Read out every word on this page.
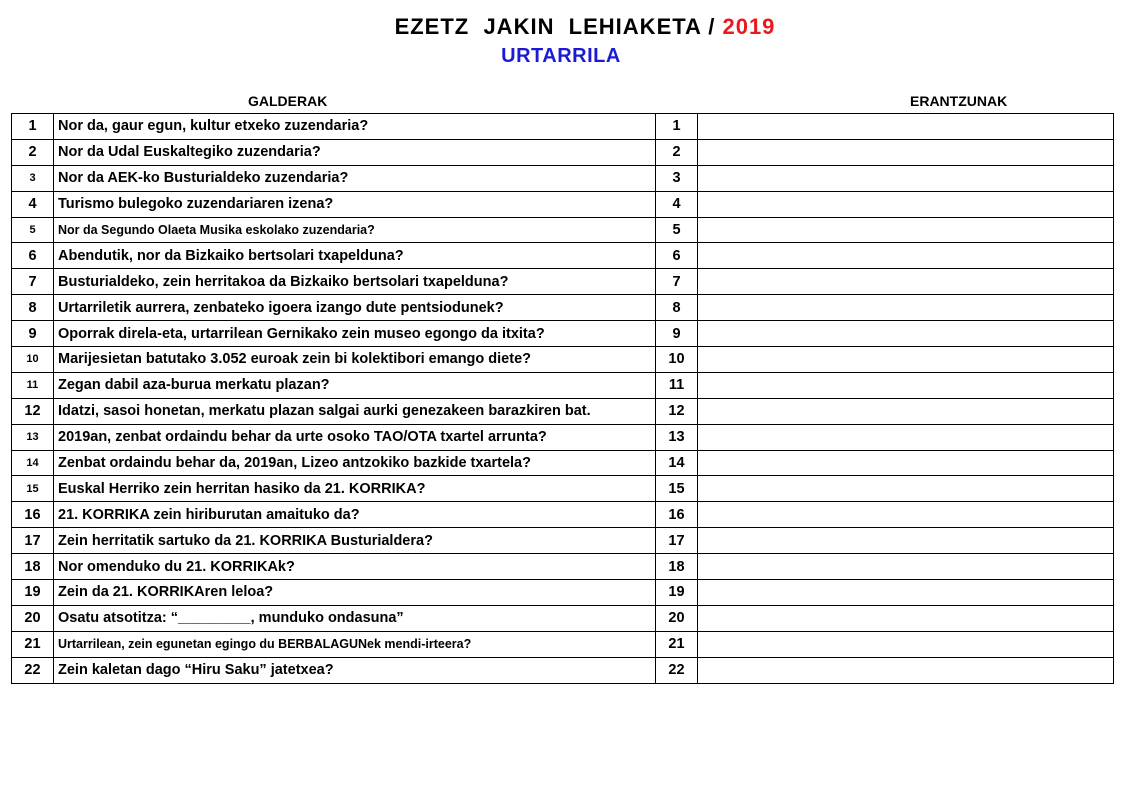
EZETZ  JAKIN  LEHIAKETA / 2019
URTARRILA
GALDERAK	ERANTZUNAK
1	Nor da, gaur egun, kultur etxeko zuzendaria?	1	
2	Nor da Udal Euskaltegiko zuzendaria?	2	
3	Nor da AEK-ko Busturialdeko zuzendaria?	3	
4	Turismo bulegoko zuzendariaren izena?	4	
5	Nor da Segundo Olaeta Musika eskolako zuzendaria?	5	
6	Abendutik, nor da Bizkaiko bertsolari txapelduna?	6	
7	Busturialdeko, zein herritakoa da Bizkaiko bertsolari txapelduna?	7	
8	Urtarriletik aurrera, zenbateko igoera izango dute pentsiodunek?	8	
9	Oporrak direla-eta, urtarrilean Gernikako zein museo egongo da itxita?	9	
10	Marijesietan batutako 3.052 euroak zein bi kolektibori emango diete?	10	
11	Zegan dabil aza-burua merkatu plazan?	11	
12	Idatzi, sasoi honetan, merkatu plazan salgai aurki genezakeen barazkiren bat.	12	
13	2019an, zenbat ordaindu behar da urte osoko TAO/OTA txartel arrunta?	13	
14	Zenbat ordaindu behar da, 2019an, Lizeo antzokiko bazkide txartela?	14	
15	Euskal Herriko zein herritan hasiko da 21. KORRIKA?	15	
16	21. KORRIKA zein hiriburutan amaituko da?	16	
17	Zein herritatik sartuko da 21. KORRIKA Busturialdera?	17	
18	Nor omenduko du 21. KORRIKAk?	18	
19	Zein da 21. KORRIKAren leloa?	19	
20	Osatu atsotitza: “_________, munduko ondasuna”	20	
21	Urtarrilean, zein egunetan egingo du BERBALAGUNek mendi-irteera?	21	
22	Zein kaletan dago “Hiru Saku” jatetxea?	22	
